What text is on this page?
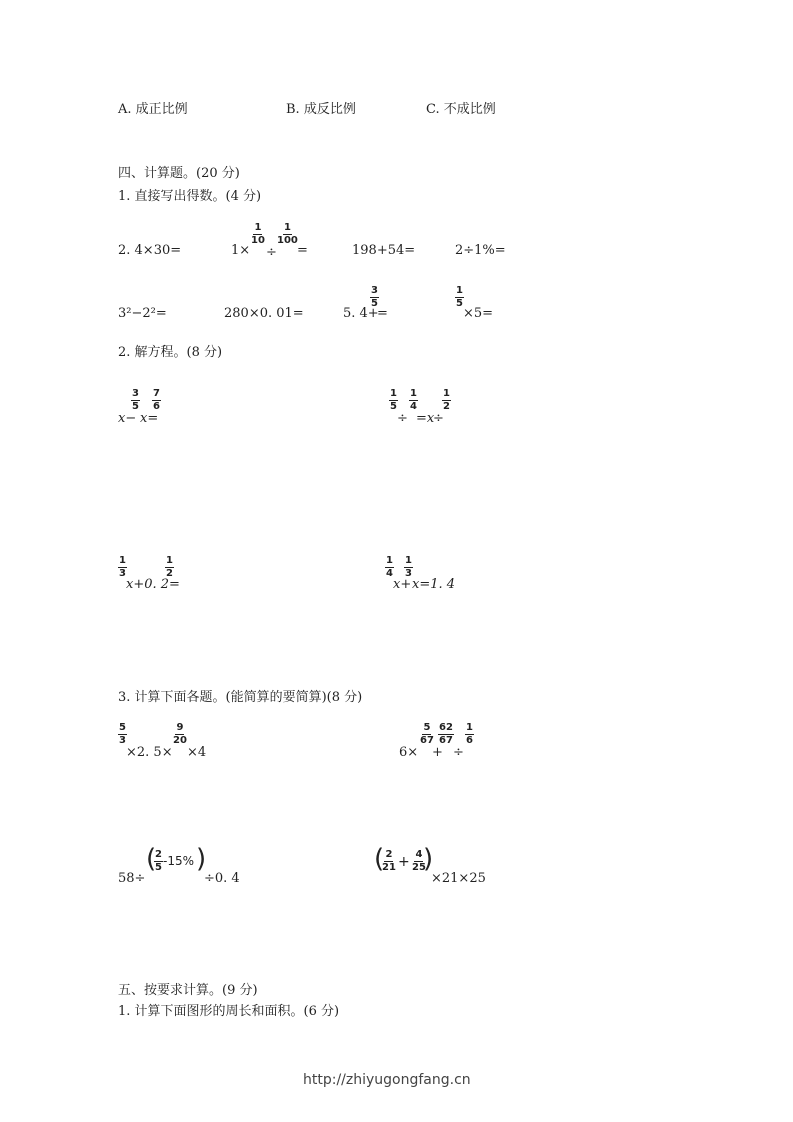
A. 成正比例	B. 成反比例	C. 不成比例
四、计算题。(20 分)
1. 直接写出得数。(4 分)
2. 4×30=	1×
$\frac{1}{10}$
÷
$\frac{1}{100}$
=	198+54=	2÷1%=
3²−2²=	280×0. 01=	5. 4+
$\frac{3}{5}$
=
$\frac{1}{5}$
×5=
2. 解方程。(8 分)
x−
$\frac{3}{5}$
x=
$\frac{7}{6}$	$\frac{1}{5}$
÷
$\frac{1}{4}$
=x
÷
$\frac{1}{2}$
$\frac{1}{3}$
x+0. 2=
$\frac{1}{2}$	$\frac{1}{4}$
x+
$\frac{1}{3}$
x=1. 4
3. 计算下面各题。(能简算的要简算)(8 分)
$\frac{5}{3}$
×2. 5×
$\frac{9}{20}$
×4	6×
$\frac{5}{67}$
+
$\frac{62}{67}$
÷
$\frac{1}{6}$
58÷
(
$\frac{2}{5} -15\%$ )
÷0. 4
(
$\frac{2}{21} + \frac{4}{25}$
)
×21×25
五、按要求计算。(9 分)
1. 计算下面图形的周长和面积。(6 分)
http://zhiyugongfang.cn
